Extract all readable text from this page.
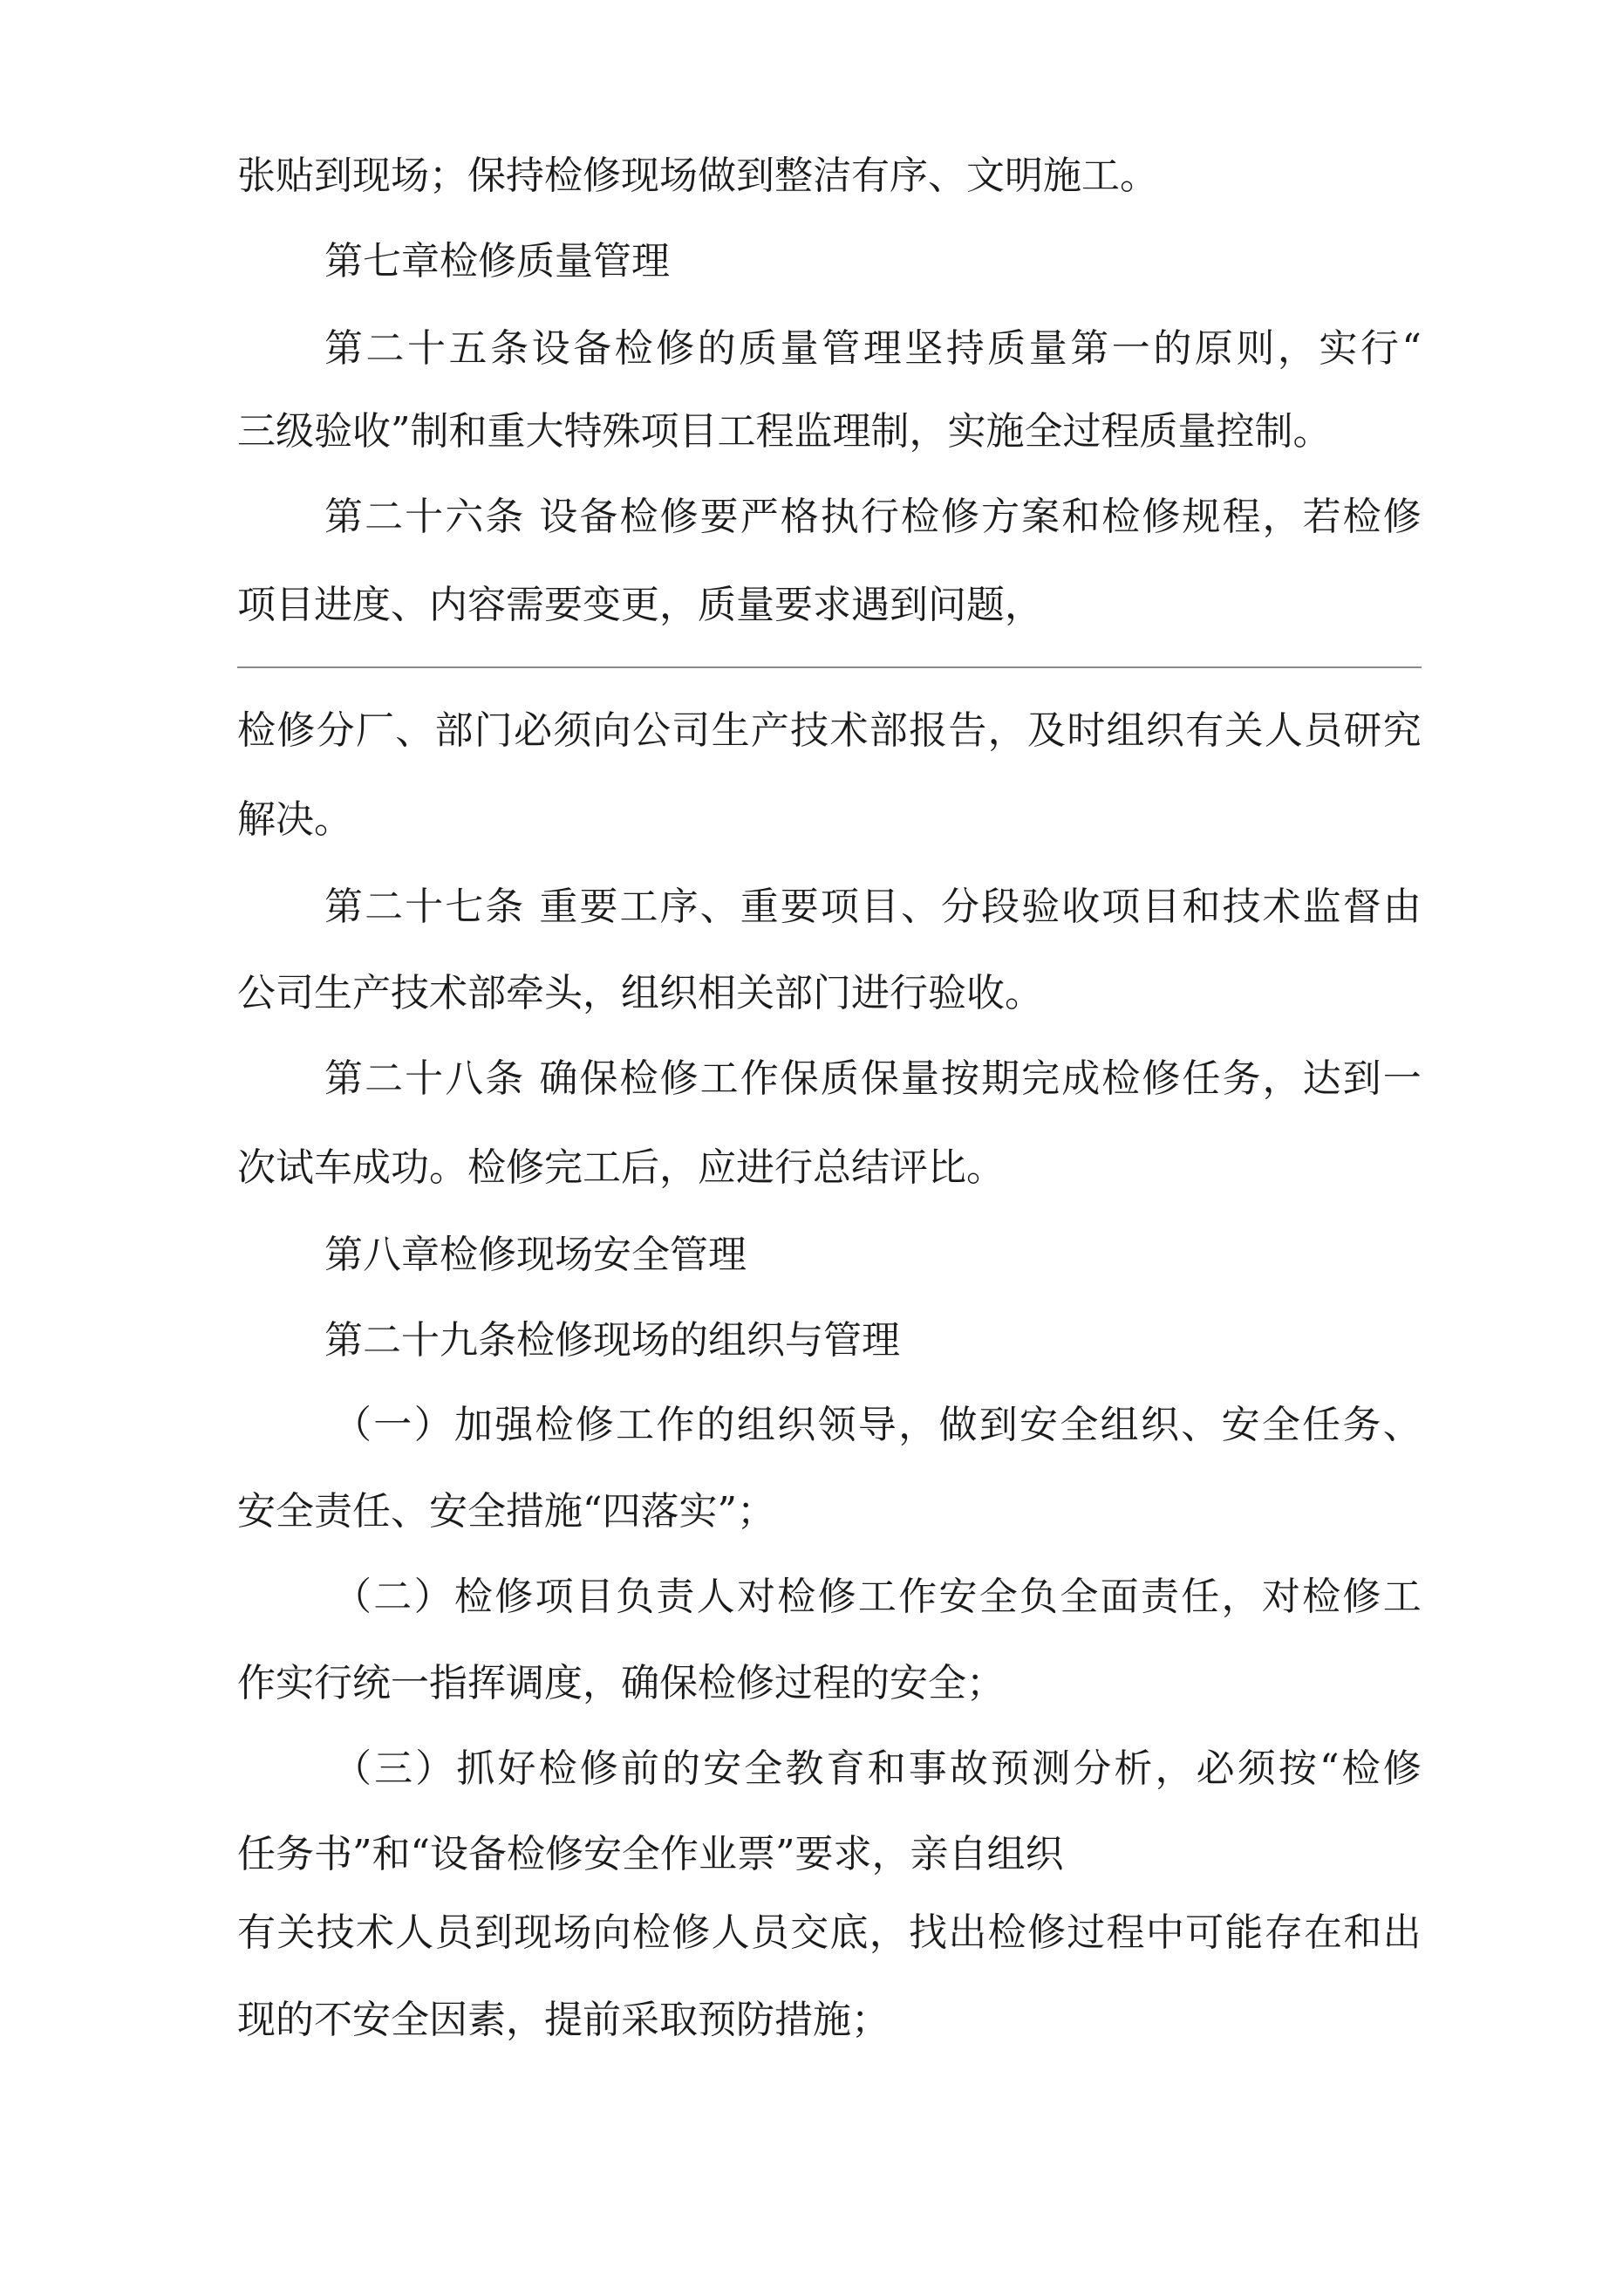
张贴到现场；保持检修现场做到整洁有序、文明施工。
第七章检修质量管理
第 二 十 五 条 设 备 检 修 的 质 量 管 理 坚 持 质 量 第 一 的 原 则 ， 实 行 “
三级验收”制和重大特殊项目工程监理制，实施全过程质量控制。
第 二 十 六 条
设 备 检 修 要 严 格 执 行 检 修 方 案 和 检 修 规 程 ， 若 检 修
项目进度、内容需要变更，质量要求遇到问题，
检 修 分 厂 、 部 门 必 须 向 公 司 生 产 技 术 部 报 告 ， 及 时 组 织 有 关 人 员 研 究
解决。
第 二 十 七 条
重 要 工 序 、 重 要 项 目 、 分 段 验 收 项 目 和 技 术 监 督 由
公司生产技术部牵头，组织相关部门进行验收。
第 二 十 八 条
确 保 检 修 工 作 保 质 保 量 按 期 完 成 检 修 任 务 ， 达 到 一
次试车成功。检修完工后，应进行总结评比。
第八章检修现场安全管理
第二十九条检修现场的组织与管理
（ 一 ） 加 强 检 修 工 作 的 组 织 领 导 ， 做 到 安 全 组 织 、 安 全 任 务 、
安全责任、安全措施“四落实”；
（ 二 ） 检 修 项 目 负 责 人 对 检 修 工 作 安 全 负 全 面 责 任 ， 对 检 修 工
作实行统一指挥调度，确保检修过程的安全；
（ 三 ） 抓 好 检 修 前 的 安 全 教 育 和 事 故 预 测 分 析 ， 必 须 按 “ 检 修
任务书”和“设备检修安全作业票”要求，亲自组织
有 关 技 术 人 员 到 现 场 向 检 修 人 员 交 底 ， 找 出 检 修 过 程 中 可 能 存 在 和 出
现的不安全因素，提前采取预防措施；
